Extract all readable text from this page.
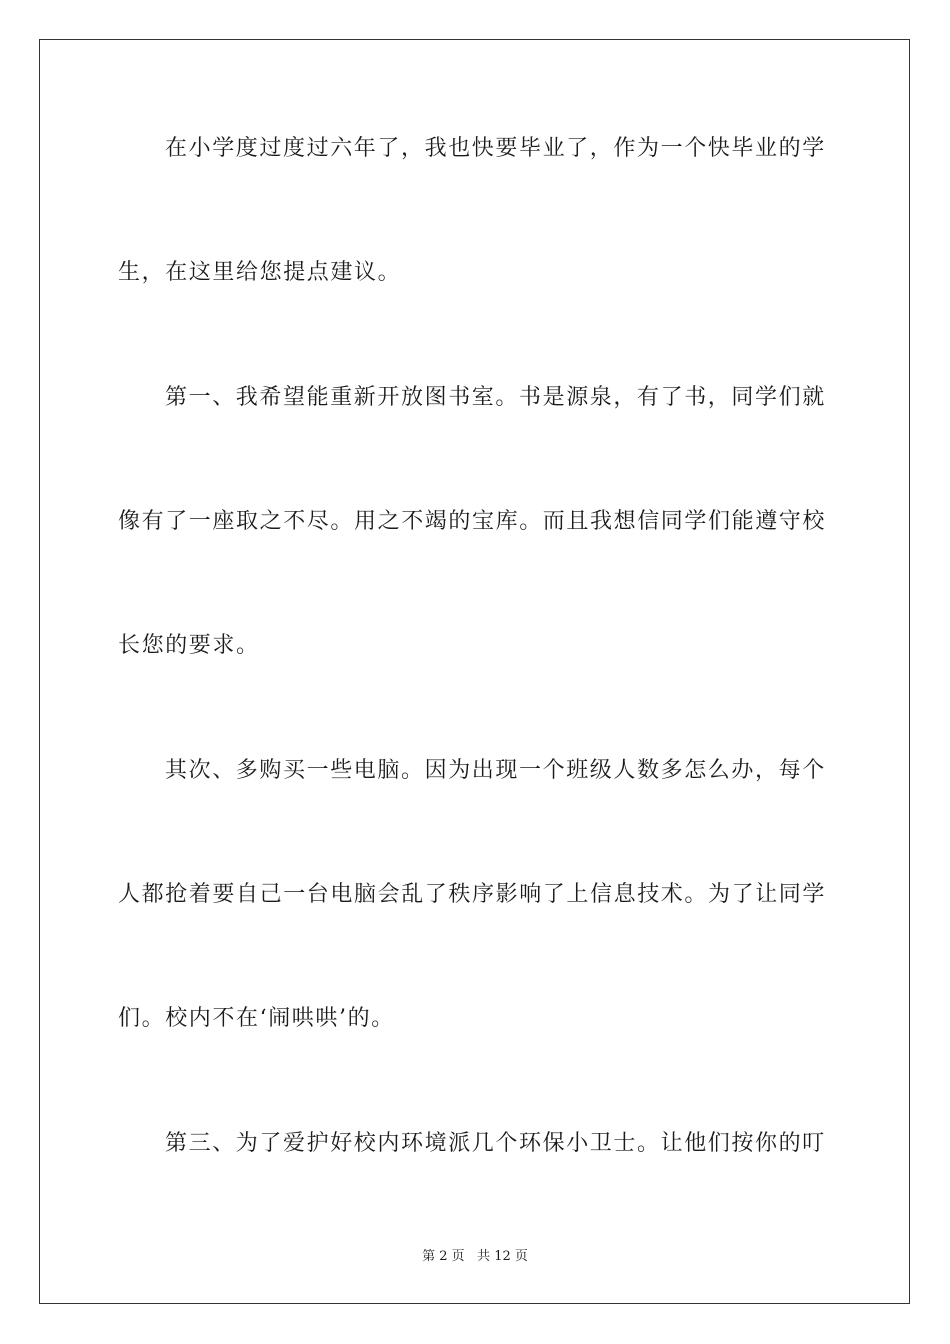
在小学度过度过六年了，我也快要毕业了，作为一个快毕业的学
生，在这里给您提点建议。
第一、我希望能重新开放图书室。书是源泉，有了书，同学们就
像有了一座取之不尽。用之不竭的宝库。而且我想信同学们能遵守校
长您的要求。
其次、多购买一些电脑。因为出现一个班级人数多怎么办，每个
人都抢着要自己一台电脑会乱了秩序影响了上信息技术。为了让同学
们。校内不在‘闹哄哄’的。
第三、为了爱护好校内环境派几个环保小卫士。让他们按你的叮
第 2 页   共 12 页
